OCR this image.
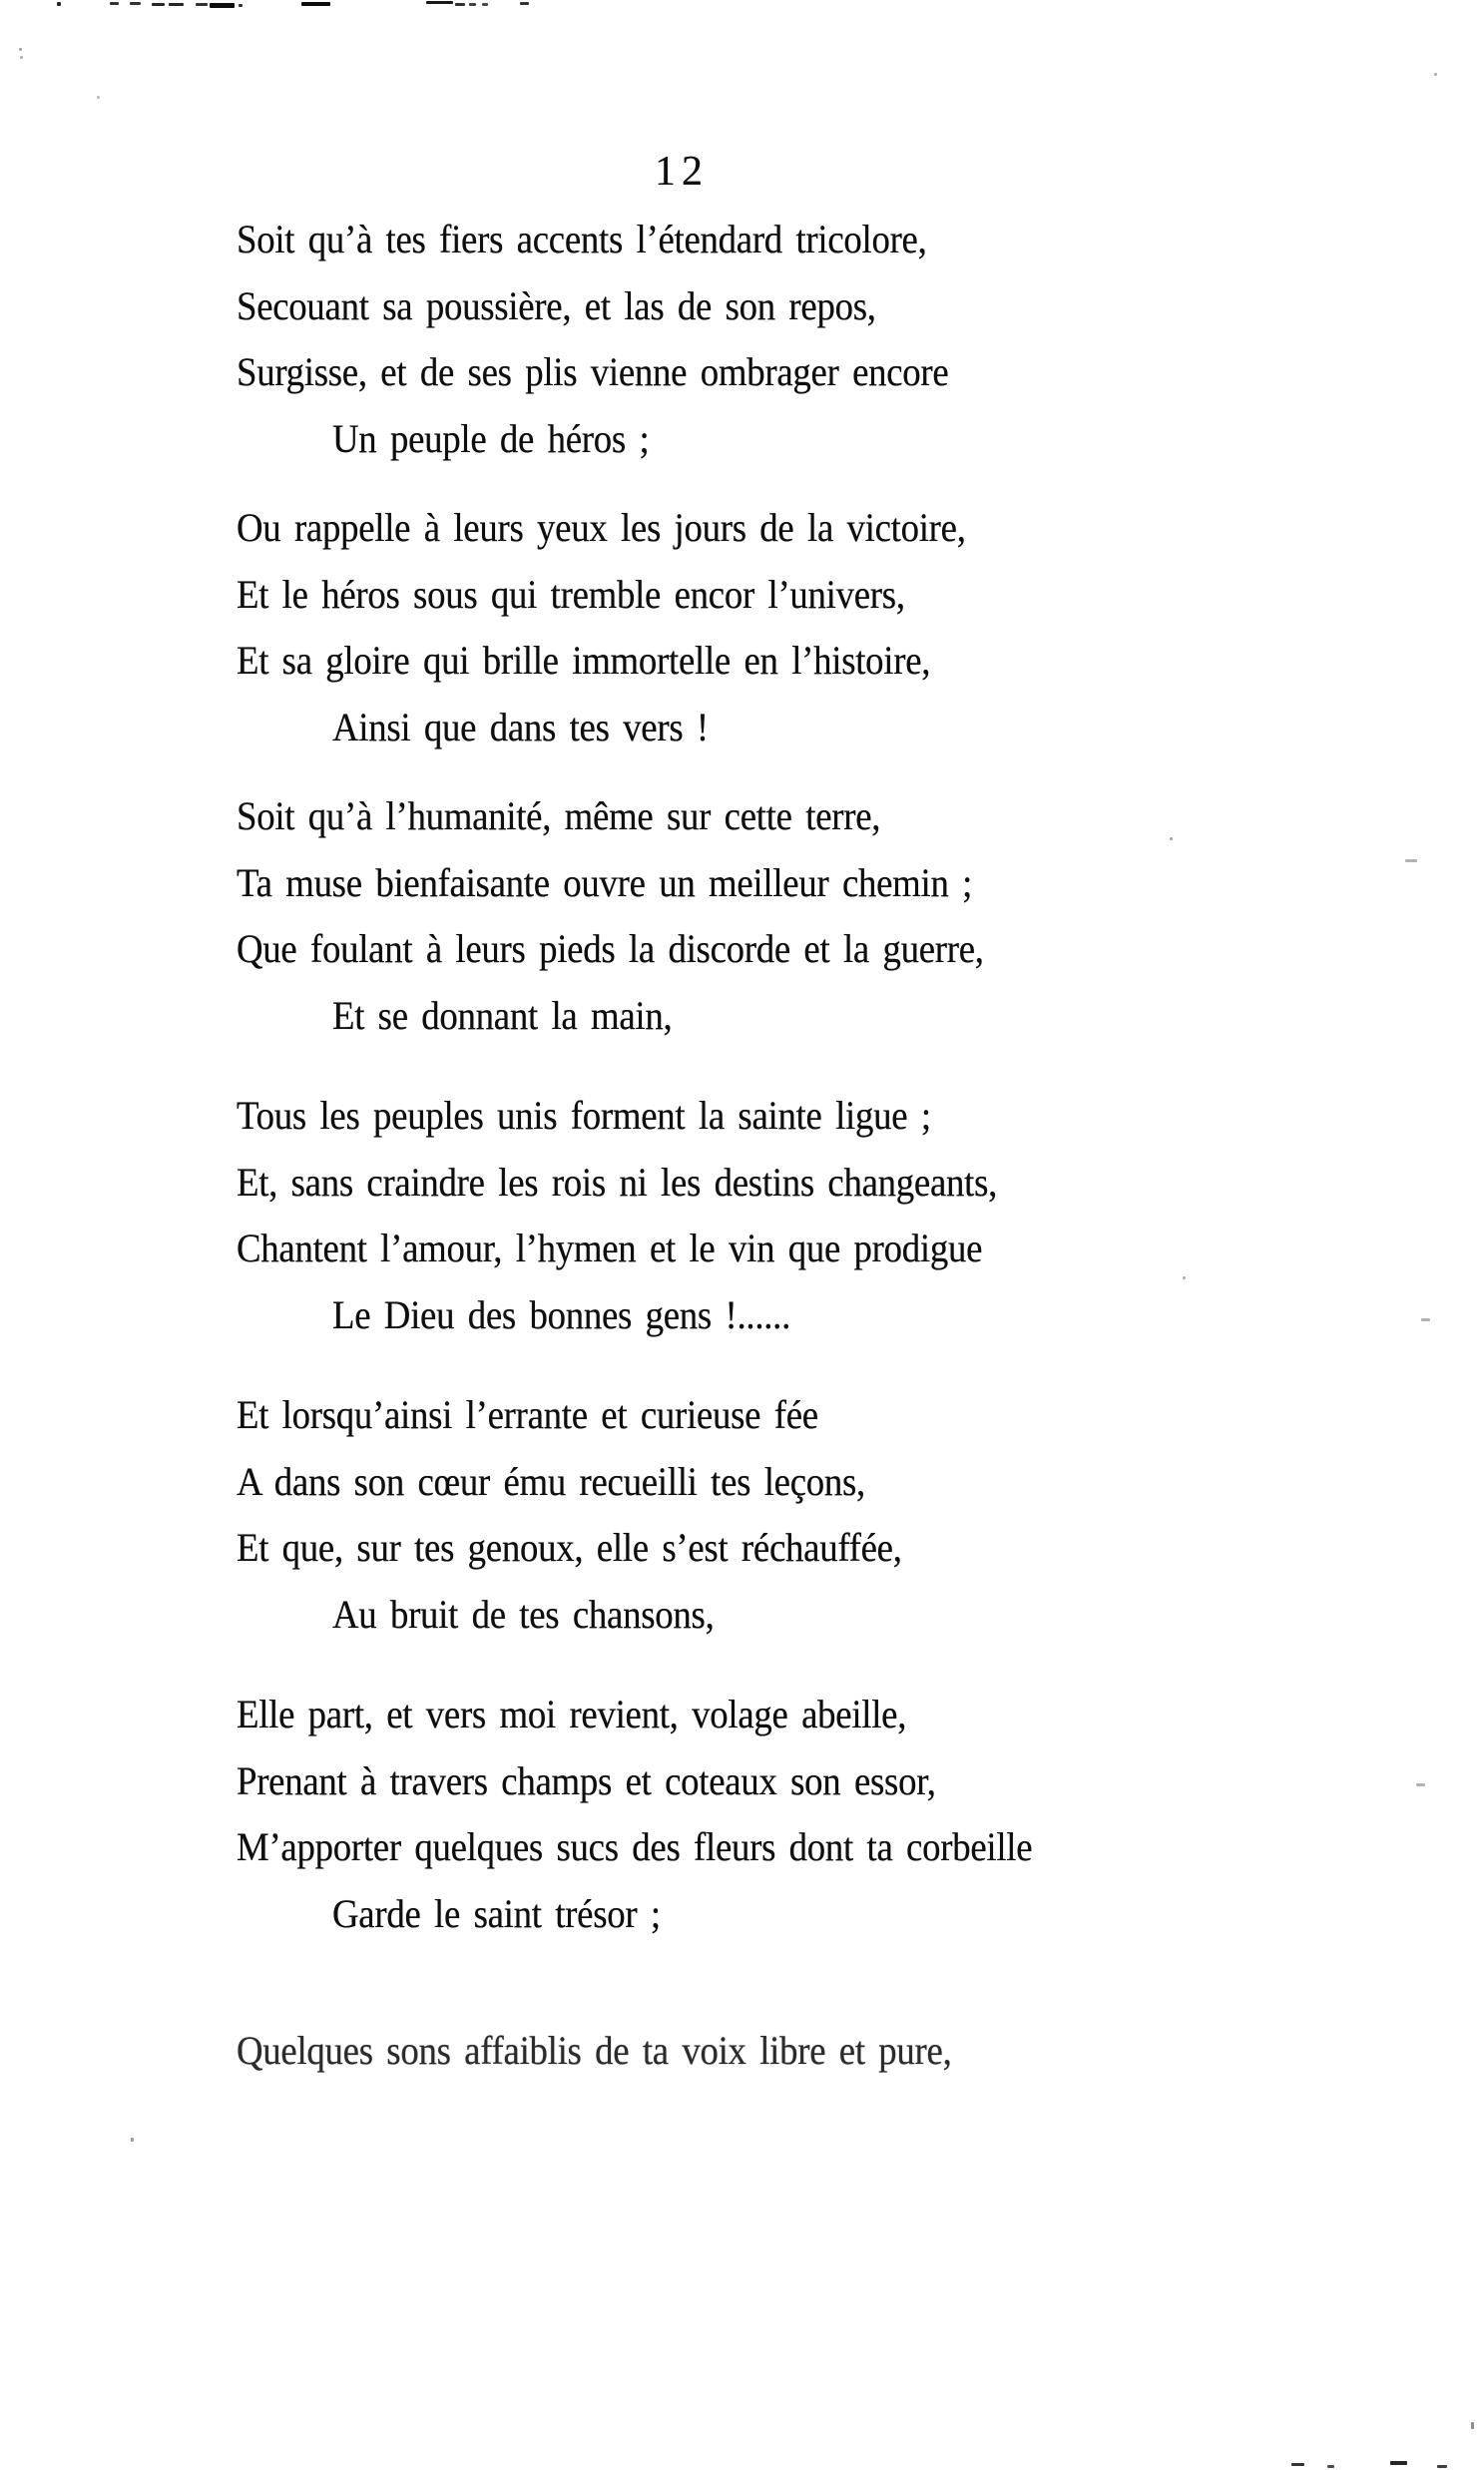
12
Soit qu’à tes fiers accents l’étendard tricolore,
Secouant sa poussière, et las de son repos,
Surgisse, et de ses plis vienne ombrager encore
Un peuple de héros ;
Ou rappelle à leurs yeux les jours de la victoire,
Et le héros sous qui tremble encor l’univers,
Et sa gloire qui brille immortelle en l’histoire,
Ainsi que dans tes vers !
Soit qu’à l’humanité, même sur cette terre,
Ta muse bienfaisante ouvre un meilleur chemin ;
Que foulant à leurs pieds la discorde et la guerre,
Et se donnant la main,
Tous les peuples unis forment la sainte ligue ;
Et, sans craindre les rois ni les destins changeants,
Chantent l’amour, l’hymen et le vin que prodigue
Le Dieu des bonnes gens !......
Et lorsqu’ainsi l’errante et curieuse fée
A dans son cœur ému recueilli tes leçons,
Et que, sur tes genoux, elle s’est réchauffée,
Au bruit de tes chansons,
Elle part, et vers moi revient, volage abeille,
Prenant à travers champs et coteaux son essor,
M’apporter quelques sucs des fleurs dont ta corbeille
Garde le saint trésor ;
Quelques sons affaiblis de ta voix libre et pure,
